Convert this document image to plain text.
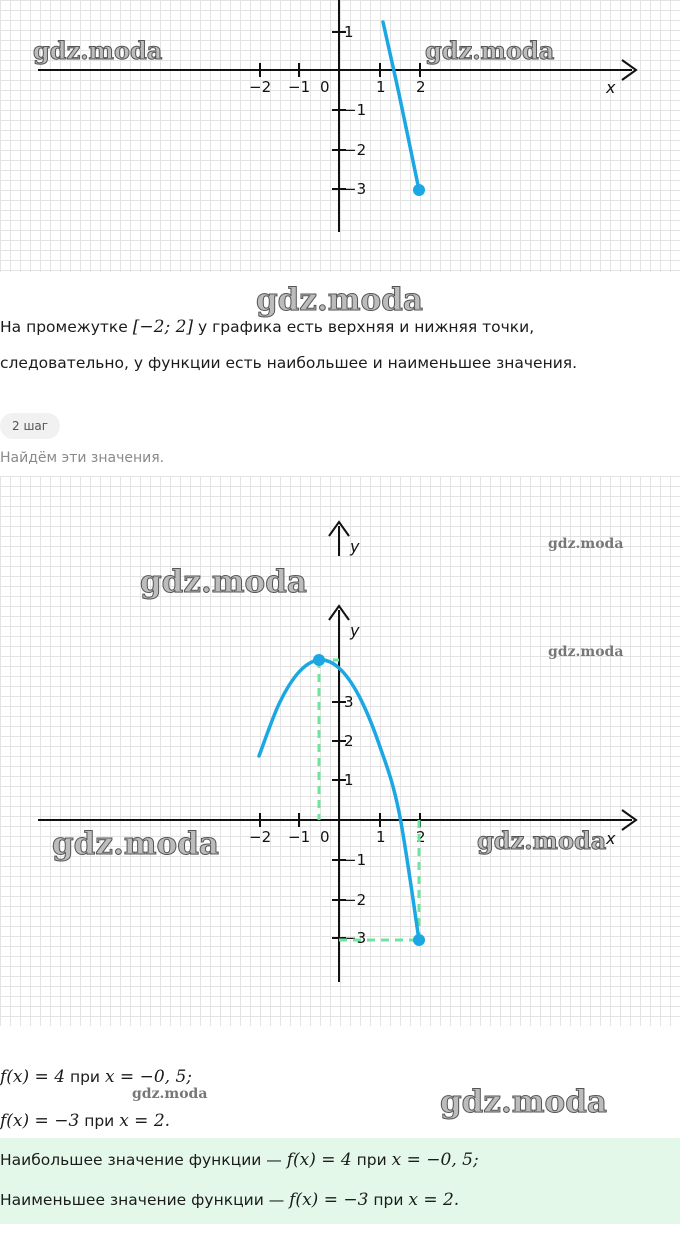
−2 −1 0	1 2
1
−1
−2
−3
x
gdz.moda	gdz.moda
gdz.moda
На промежутке [−2; 2] у графика есть верхняя и нижняя точки,
следовательно, у функции есть наибольшее и наименьшее значения.
2 шаг
Найдём эти значения.
y
y
−2 −1 0	1 2
3
2
1
−1
−2
−3
x
gdz.moda
gdz.moda
gdz.moda
gdz.moda	gdz.moda
f(x) = 4 при x = −0, 5;
gdz.moda
f(x) = −3 при x = 2.
gdz.moda
Наибольшее значение функции — f(x) = 4 при x = −0, 5;
Наименьшее значение функции — f(x) = −3 при x = 2.
